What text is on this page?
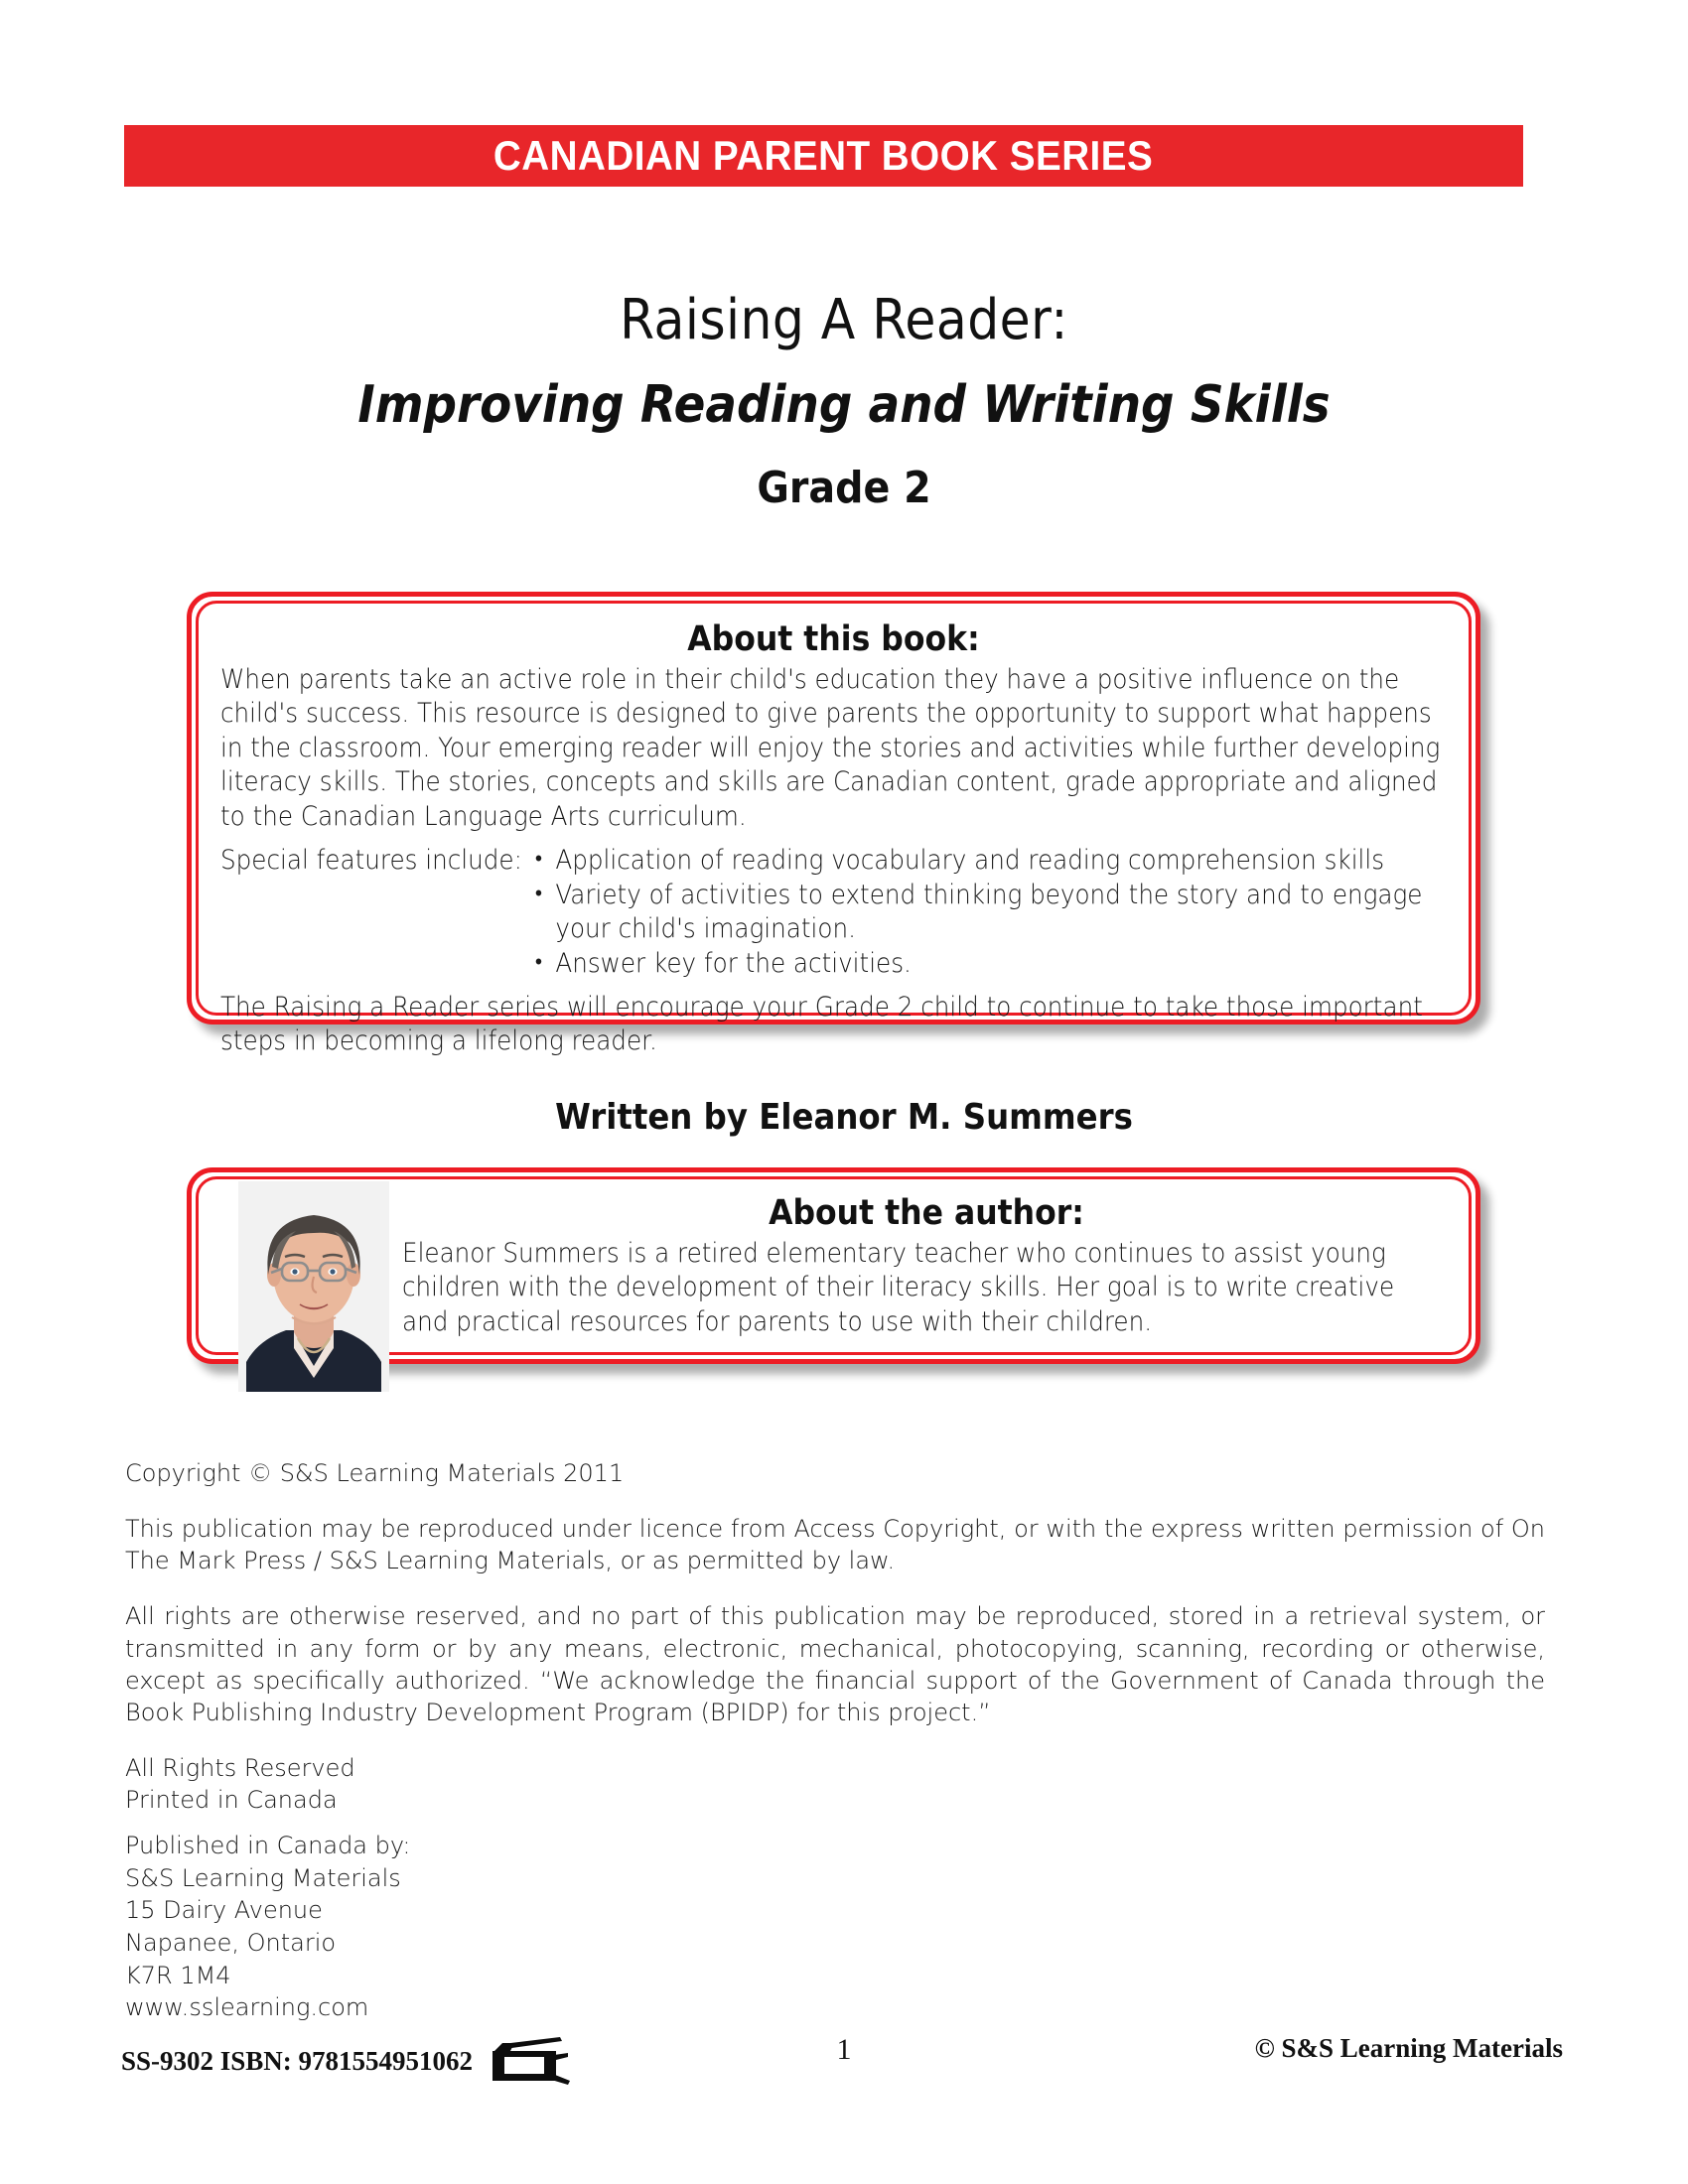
CANADIAN PARENT BOOK SERIES
Raising A Reader:
Improving Reading and Writing Skills
Grade 2
About this book:

When parents take an active role in their child's education they have a positive influence on the child's success. This resource is designed to give parents the opportunity to support what happens in the classroom. Your emerging reader will enjoy the stories and activities while further developing literacy skills. The stories, concepts and skills are Canadian content, grade appropriate and aligned to the Canadian Language Arts curriculum.

Special features include: • Application of reading vocabulary and reading comprehension skills
• Variety of activities to extend thinking beyond the story and to engage your child's imagination.
• Answer key for the activities.

The Raising a Reader series will encourage your Grade 2 child to continue to take those important steps in becoming a lifelong reader.

Written by Eleanor M. Summers
About the author:

Eleanor Summers is a retired elementary teacher who continues to assist young children with the development of their literacy skills. Her goal is to write creative and practical resources for parents to use with their children.

Copyright © S&S Learning Materials 2011

This publication may be reproduced under licence from Access Copyright, or with the express written permission of On The Mark Press / S&S Learning Materials, or as permitted by law.

All rights are otherwise reserved, and no part of this publication may be reproduced, stored in a retrieval system, or transmitted in any form or by any means, electronic, mechanical, photocopying, scanning, recording or otherwise, except as specifically authorized. “We acknowledge the financial support of the Government of Canada through the Book Publishing Industry Development Program (BPIDP) for this project.”

All Rights Reserved

Printed in Canada

Published in Canada by:
S&S Learning Materials
15 Dairy Avenue
Napanee, Ontario
K7R 1M4
www.sslearning.com
SS-9302 ISBN: 9781554951062	1	© S&S Learning Materials
